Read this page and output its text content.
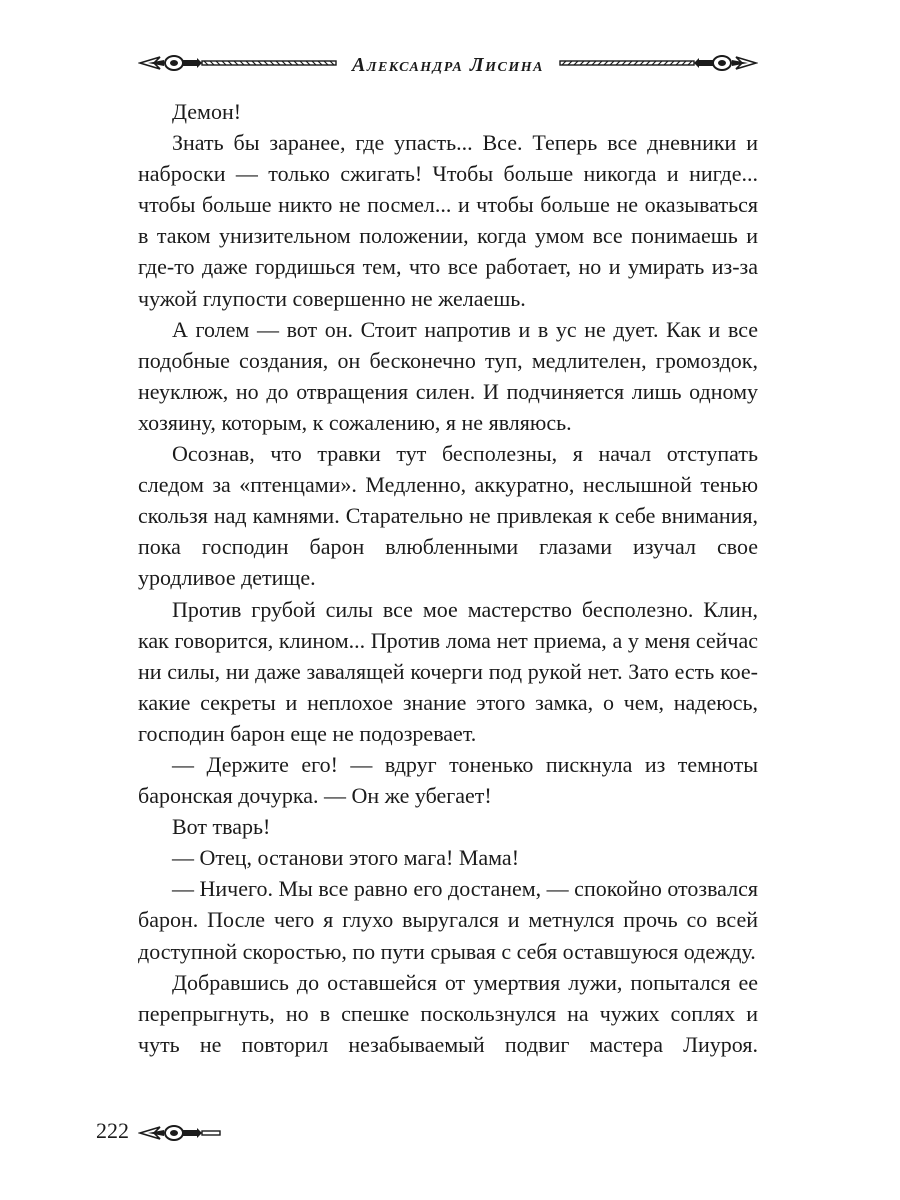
Александра Лисина

Демон!

Знать бы заранее, где упасть... Все. Теперь все дневники и наброски — только сжигать! Чтобы больше никогда и нигде... чтобы больше никто не посмел... и чтобы больше не оказываться в таком унизительном положении, когда умом все понимаешь и где-то даже гордишься тем, что все работает, но и умирать из-за чужой глупости совершенно не желаешь.

А голем — вот он. Стоит напротив и в ус не дует. Как и все подобные создания, он бесконечно туп, медлителен, громоздок, неуклюж, но до отвращения силен. И подчиняется лишь одному хозяину, которым, к сожалению, я не являюсь.

Осознав, что травки тут бесполезны, я начал отступать следом за «птенцами». Медленно, аккуратно, неслышной тенью скользя над камнями. Старательно не привлекая к себе внимания, пока господин барон влюбленными глазами изучал свое уродливое детище.

Против грубой силы все мое мастерство бесполезно. Клин, как говорится, клином... Против лома нет приема, а у меня сейчас ни силы, ни даже завалящей кочерги под рукой нет. Зато есть кое-какие секреты и неплохое знание этого замка, о чем, надеюсь, господин барон еще не подозревает.

— Держите его! — вдруг тоненько пискнула из темноты баронская дочурка. — Он же убегает!

Вот тварь!

— Отец, останови этого мага! Мама!

— Ничего. Мы все равно его достанем, — спокойно отозвался барон. После чего я глухо выругался и метнулся прочь со всей доступной скоростью, по пути срывая с себя оставшуюся одежду.

Добравшись до оставшейся от умертвия лужи, попытался ее перепрыгнуть, но в спешке поскользнулся на чужих соплях и чуть не повторил незабываемый подвиг мастера Лиуроя.

222
